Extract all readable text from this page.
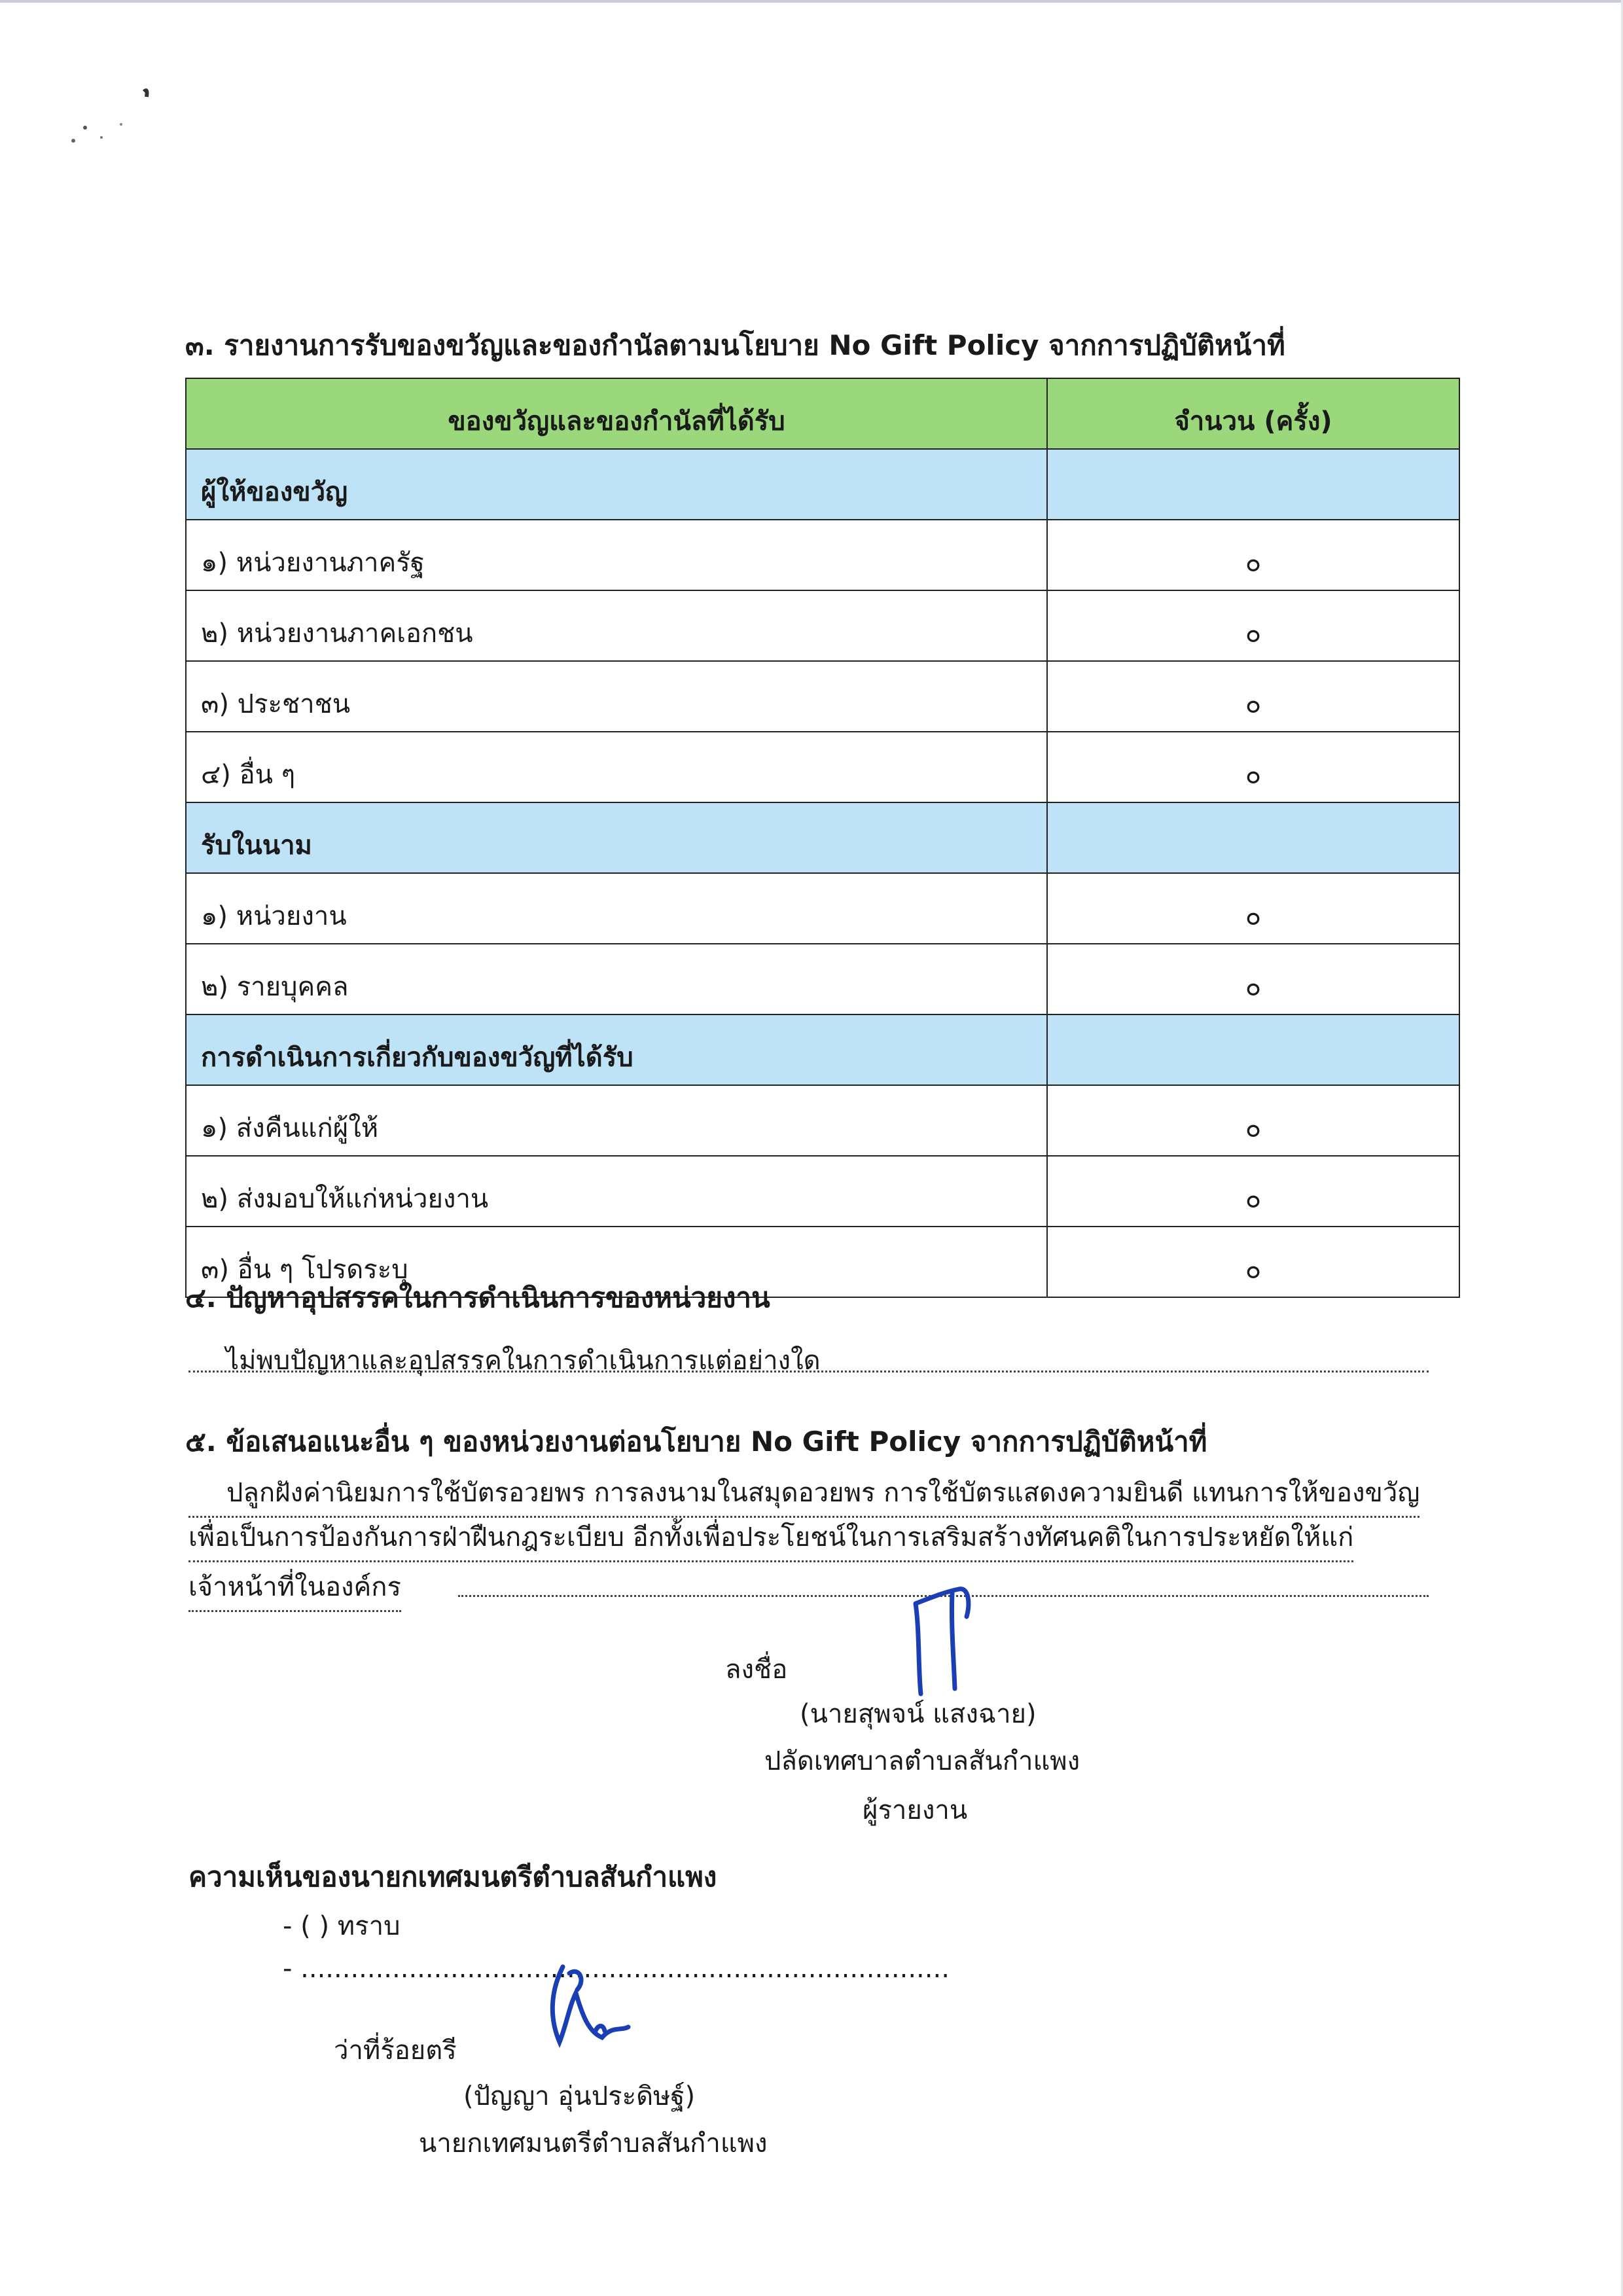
๓. รายงานการรับของขวัญและของกำนัลตามนโยบาย No Gift Policy จากการปฏิบัติหน้าที่
ของขวัญและของกำนัลที่ได้รับ	จำนวน (ครั้ง)
ผู้ให้ของขวัญ	
๑) หน่วยงานภาครัฐ	๐
๒) หน่วยงานภาคเอกชน	๐
๓) ประชาชน	๐
๔) อื่น ๆ	๐
รับในนาม	
๑) หน่วยงาน	๐
๒) รายบุคคล	๐
การดำเนินการเกี่ยวกับของขวัญที่ได้รับ	
๑) ส่งคืนแก่ผู้ให้	๐
๒) ส่งมอบให้แก่หน่วยงาน	๐
๓) อื่น ๆ โปรดระบุ	๐
๔. ปัญหาอุปสรรคในการดำเนินการของหน่วยงาน
ไม่พบปัญหาและอุปสรรคในการดำเนินการแต่อย่างใด
๕. ข้อเสนอแนะอื่น ๆ ของหน่วยงานต่อนโยบาย No Gift Policy จากการปฏิบัติหน้าที่
ปลูกฝังค่านิยมการใช้บัตรอวยพร การลงนามในสมุดอวยพร การใช้บัตรแสดงความยินดี แทนการให้ของขวัญ
เพื่อเป็นการป้องกันการฝ่าฝืนกฎระเบียบ อีกทั้งเพื่อประโยชน์ในการเสริมสร้างทัศนคติในการประหยัดให้แก่
เจ้าหน้าที่ในองค์กร
ลงชื่อ
(นายสุพจน์ แสงฉาย)
ปลัดเทศบาลตำบลสันกำแพง
ผู้รายงาน
ความเห็นของนายกเทศมนตรีตำบลสันกำแพง
- ( ) ทราบ
- ..............................................................................
ว่าที่ร้อยตรี
(ปัญญา อุ่นประดิษฐ์)
นายกเทศมนตรีตำบลสันกำแพง
